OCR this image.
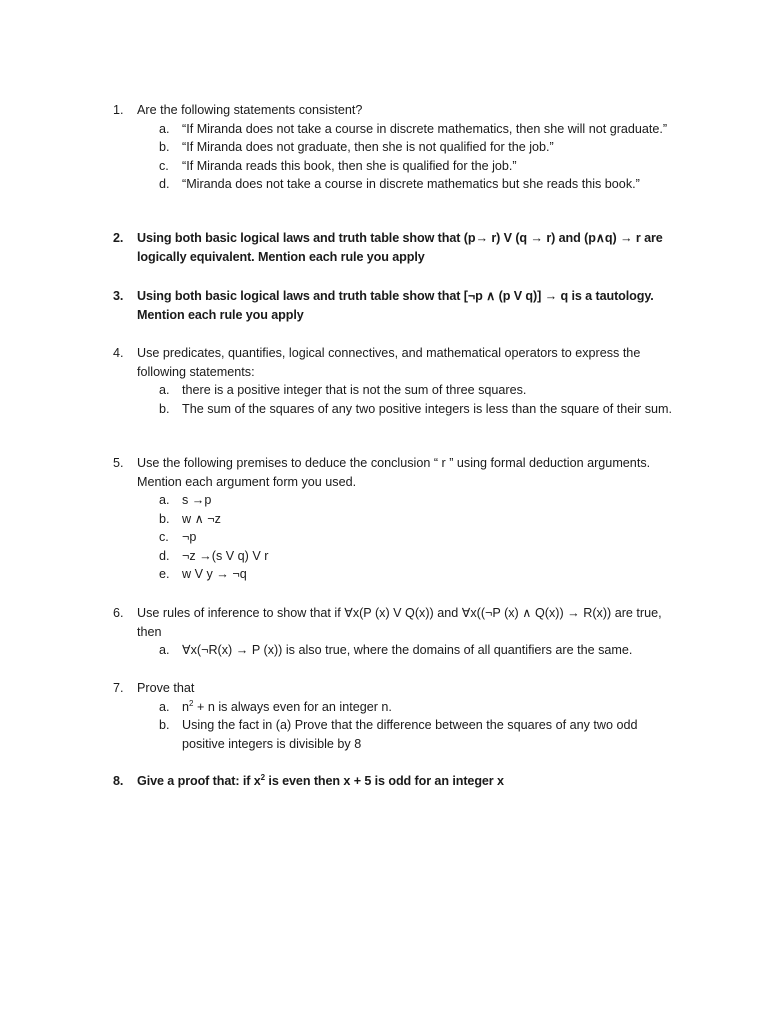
1.	Are the following statements consistent?
a. “If Miranda does not take a course in discrete mathematics, then she will not graduate.”
b. “If Miranda does not graduate, then she is not qualified for the job.”
c. “If Miranda reads this book, then she is qualified for the job.”
d. “Miranda does not take a course in discrete mathematics but she reads this book.”
2.	Using both basic logical laws and truth table show that (p→ r) V (q → r) and (p∧q) → r are logically equivalent. Mention each rule you apply
3.	Using both basic logical laws and truth table show that [¬p ∧ (p V q)] → q is a tautology. Mention each rule you apply
4.	Use predicates, quantifies, logical connectives, and mathematical operators to express the following statements:
a. there is a positive integer that is not the sum of three squares.
b. The sum of the squares of any two positive integers is less than the square of their sum.
5.	Use the following premises to deduce the conclusion “ r ” using formal deduction arguments. Mention each argument form you used.
a. s →p
b. w ∧ ¬z
c. ¬p
d. ¬z →(s V q) V r
e. w V y → ¬q
6.	Use rules of inference to show that if ∀x(P (x) V Q(x)) and ∀x((¬P (x) ∧ Q(x)) → R(x)) are true, then
a. ∀x(¬R(x) → P (x)) is also true, where the domains of all quantifiers are the same.
7.	Prove that
a. $n^2 + n$ is always even for an integer n.
b. Using the fact in (a) Prove that the difference between the squares of any two odd positive integers is divisible by 8
8.	Give a proof that: if $x^2$ is even then x + 5 is odd for an integer x
